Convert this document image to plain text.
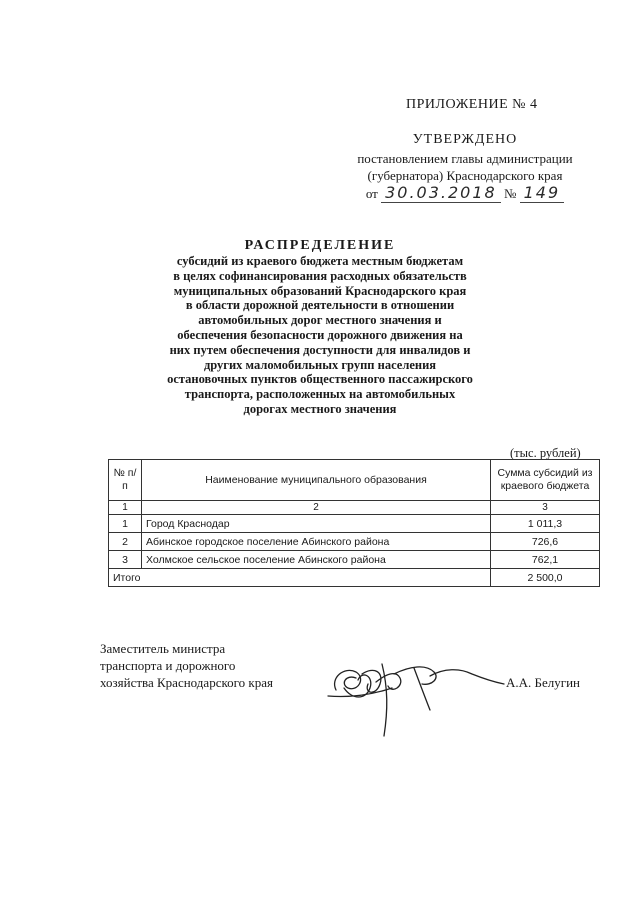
ПРИЛОЖЕНИЕ № 4
УТВЕРЖДЕНО
постановлением главы администрации
(губернатора) Краснодарского края
от 30.03.2018 № 149
РАСПРЕДЕЛЕНИЕ
субсидий из краевого бюджета местным бюджетам
в целях софинансирования расходных обязательств
муниципальных образований Краснодарского края
в области дорожной деятельности в отношении
автомобильных дорог местного значения и
обеспечения безопасности дорожного движения на
них путем обеспечения доступности для инвалидов и
других маломобильных групп населения
остановочных пунктов общественного пассажирского
транспорта, расположенных на автомобильных
дорогах местного значения
(тыс. рублей)
№ п/п	Наименование муниципального образования	Сумма субсидий из краевого бюджета
1	2	3
1	Город Краснодар	1 011,3
2	Абинское городское поселение Абинского района	726,6
3	Холмское сельское поселение Абинского района	762,1
Итого		2 500,0
Заместитель министра
транспорта и дорожного
хозяйства Краснодарского края	А.А. Белугин
